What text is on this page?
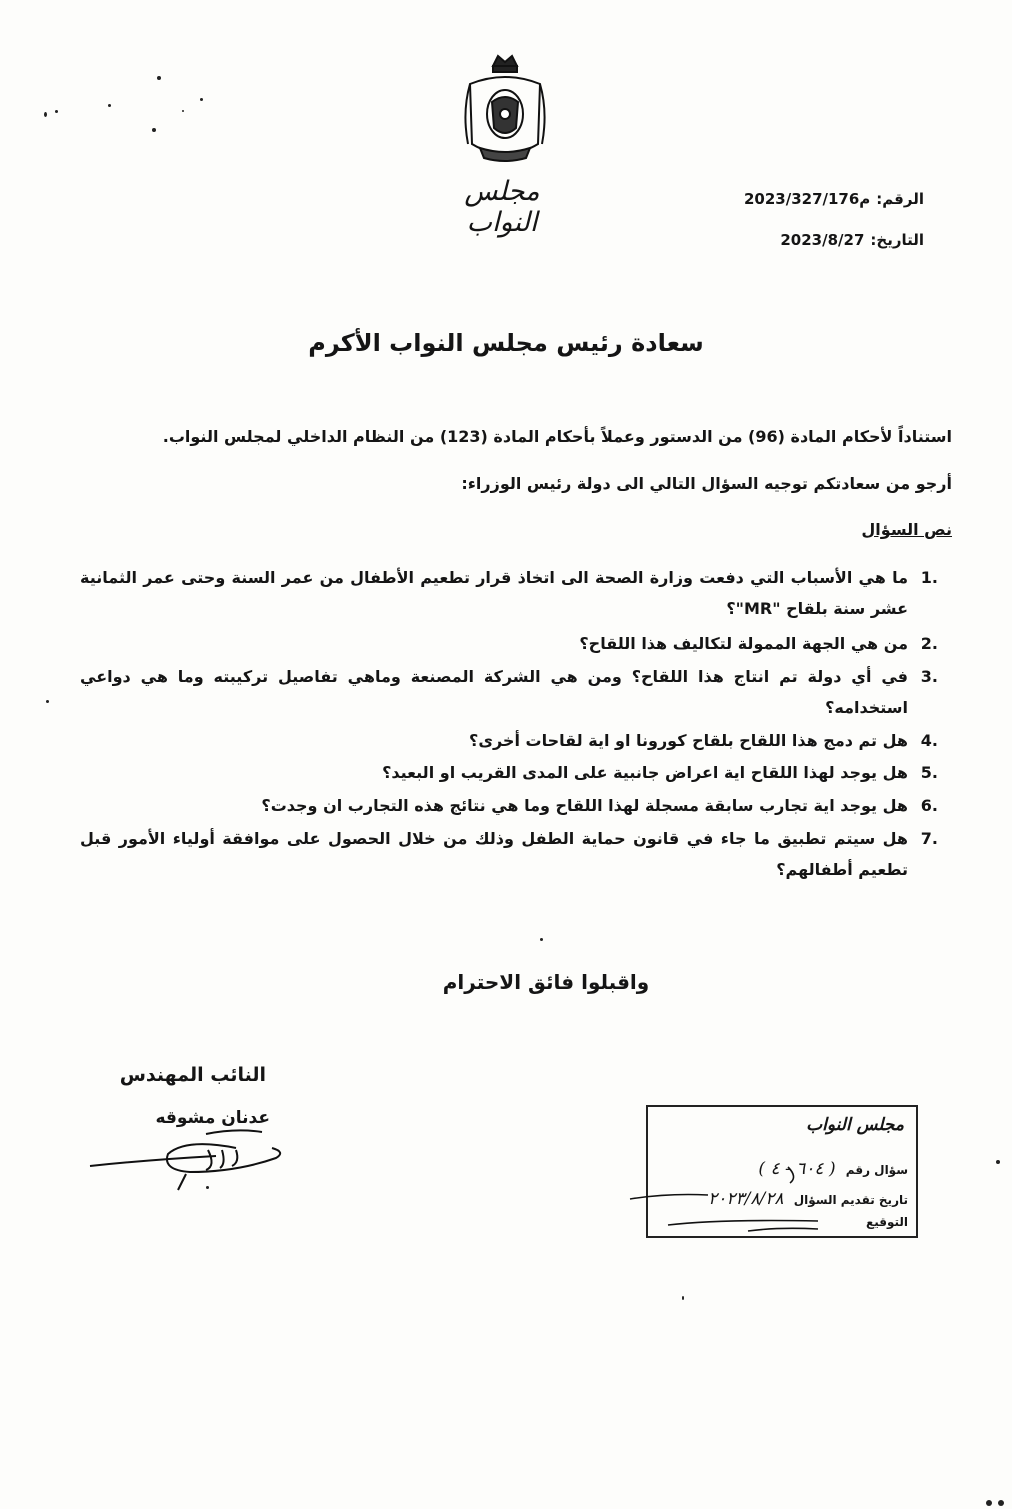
مجلس النواب
الرقم:م2023/327/176
التاريخ:2023/8/27
سعادة رئيس مجلس النواب الأكرم
استناداً لأحكام المادة (96) من الدستور وعملاً بأحكام المادة (123) من النظام الداخلي لمجلس النواب.
أرجو من سعادتكم توجيه السؤال التالي الى دولة رئيس الوزراء:
نص السؤال
1.
ما هي الأسباب التي دفعت وزارة الصحة الى اتخاذ قرار تطعيم الأطفال من عمر السنة وحتى عمر الثمانية عشر سنة بلقاح "MR"؟
2.
من هي الجهة الممولة لتكاليف هذا اللقاح؟
3.
في أي دولة تم انتاج هذا اللقاح؟ ومن هي الشركة المصنعة وماهي تفاصيل تركيبته وما هي دواعي استخدامه؟
4.
هل تم دمج هذا اللقاح بلقاح كورونا او اية لقاحات أخرى؟
5.
هل يوجد لهذا اللقاح اية اعراض جانبية على المدى القريب او البعيد؟
6.
هل يوجد اية تجارب سابقة مسجلة لهذا اللقاح وما هي نتائج هذه التجارب ان وجدت؟
7.
هل سيتم تطبيق ما جاء في قانون حماية الطفل وذلك من خلال الحصول على موافقة أولياء الأمور قبل تطعيم أطفالهم؟
واقبلوا فائق الاحترام
النائب المهندس
عدنان مشوقه	مجلس النواب
سؤال رقم ( ٦٠٤ - ٤ )
تاريخ تقديم السؤال ٢٠٢٣/٨/٢٨
التوقيع
